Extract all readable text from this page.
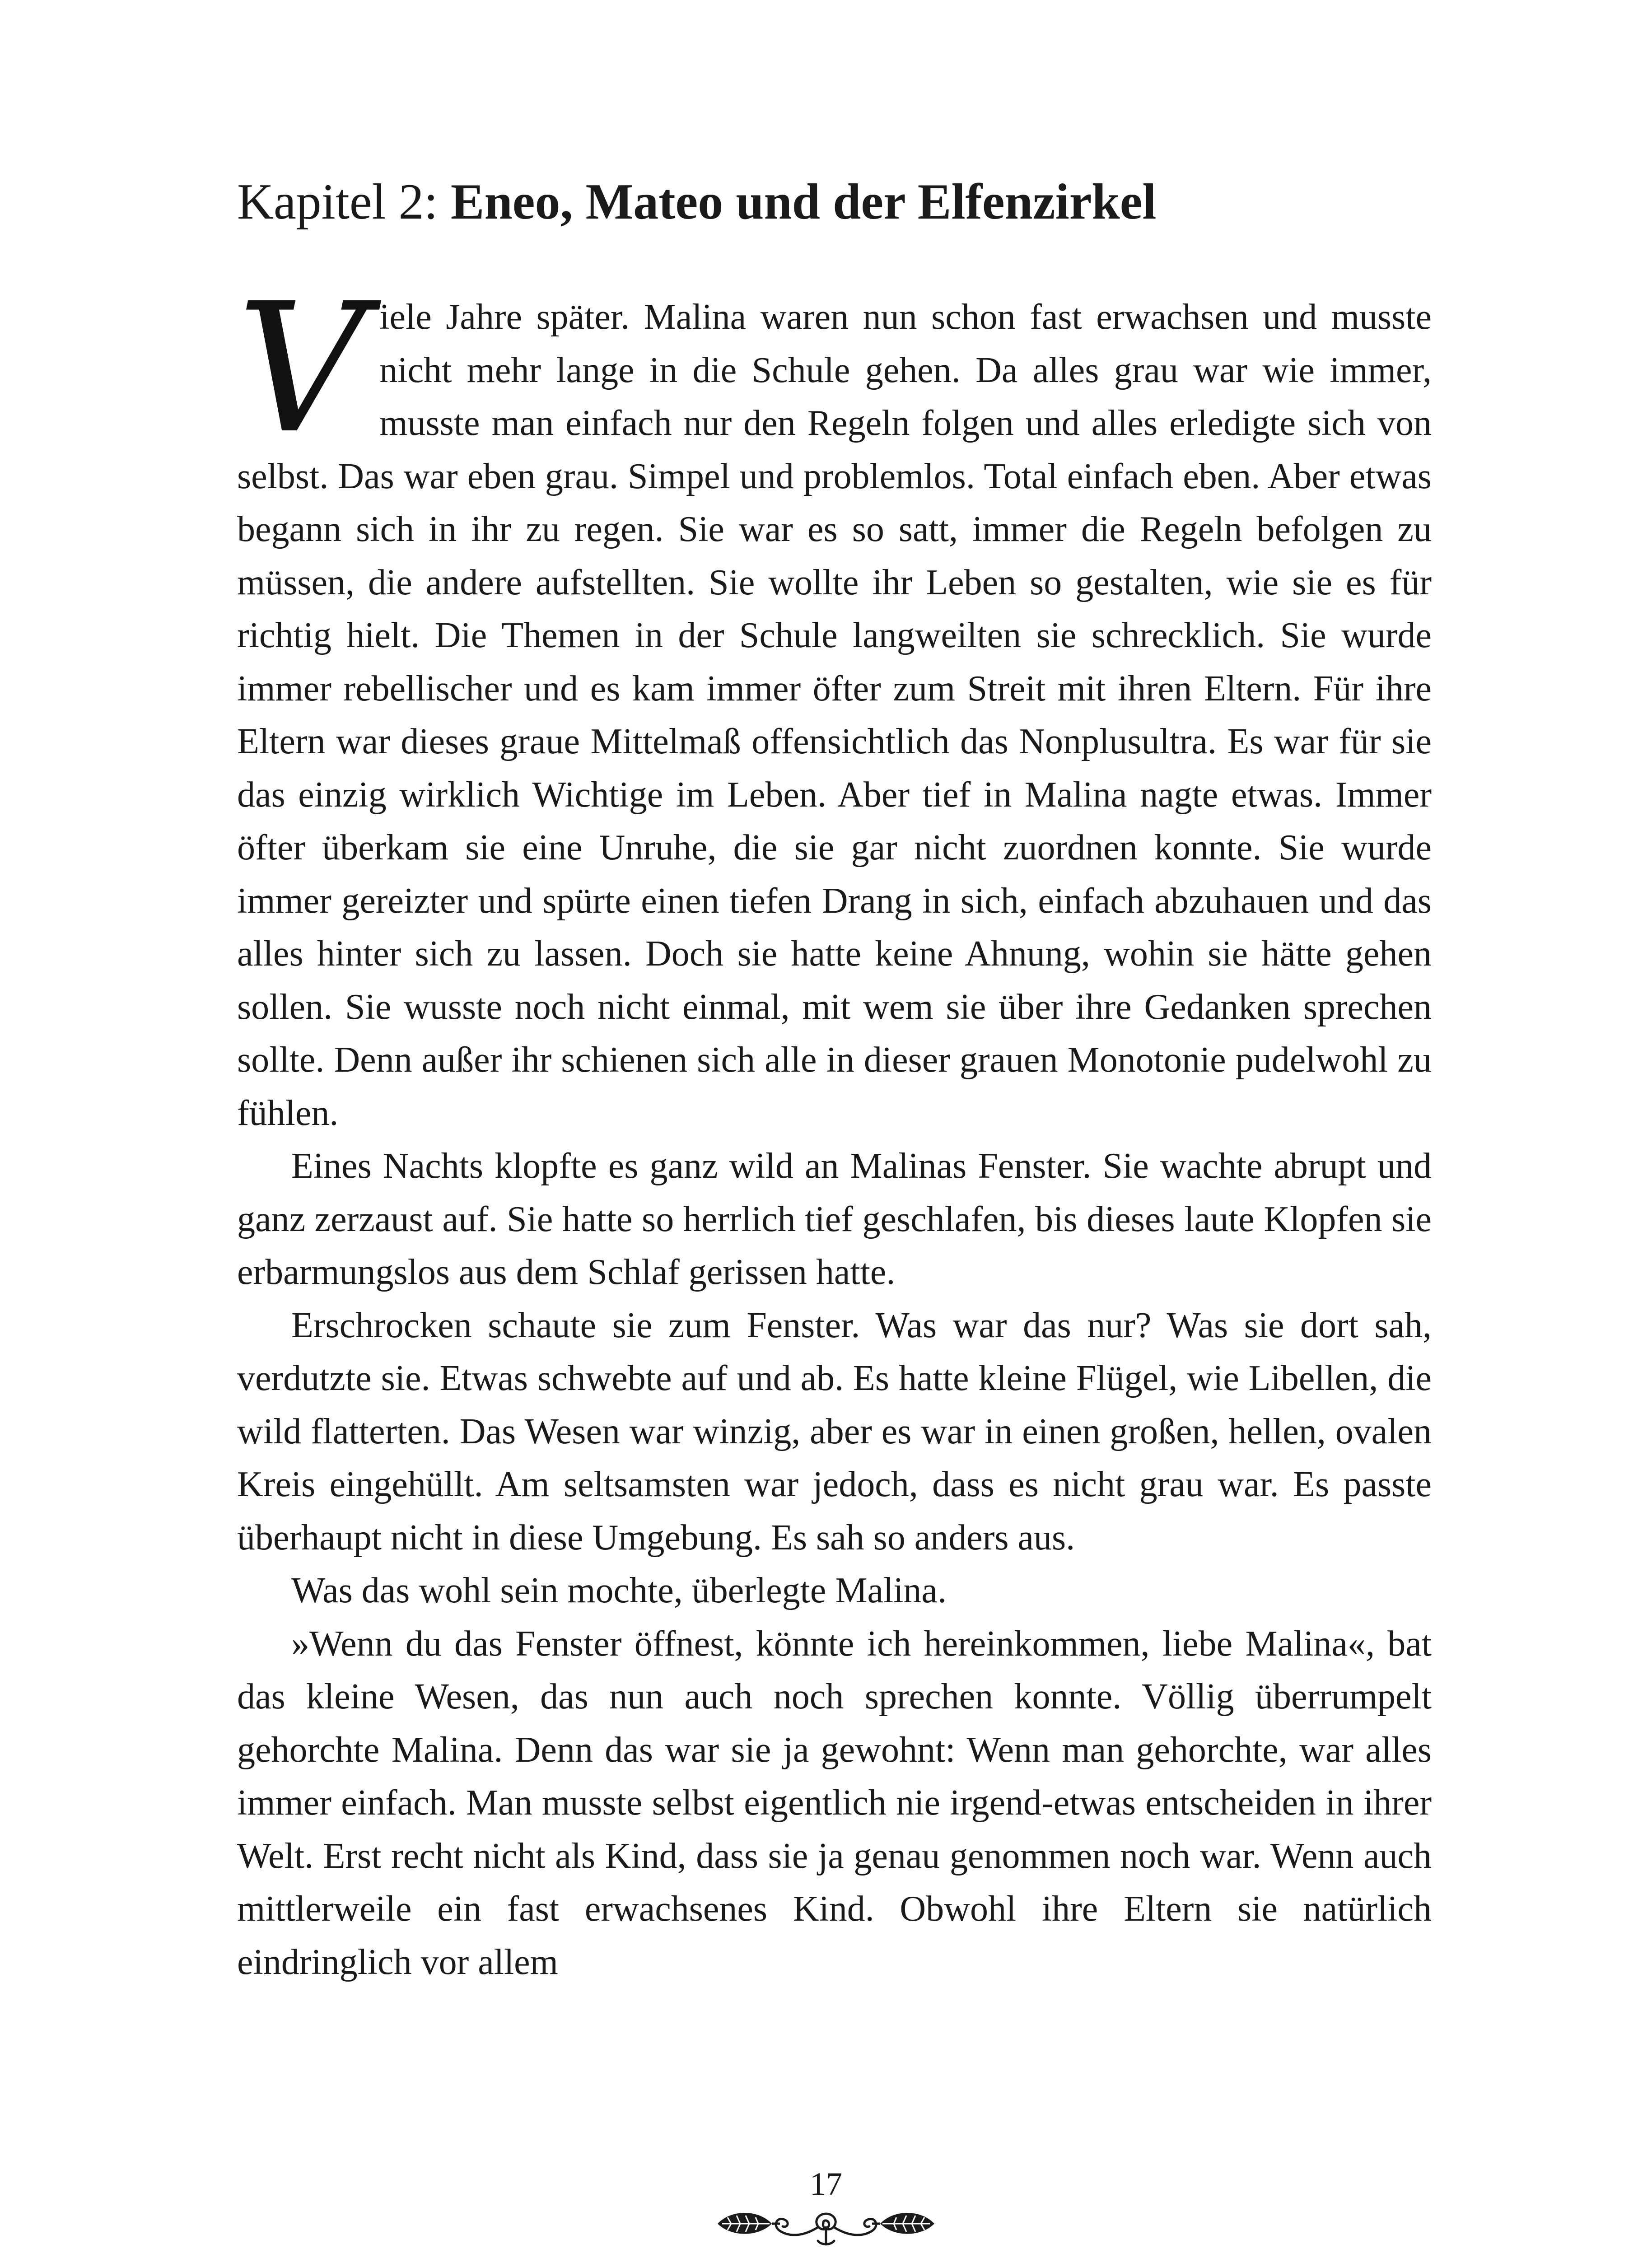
Kapitel 2: Eneo, Mateo und der Elfenzirkel

Viele Jahre später. Malina waren nun schon fast erwachsen und musste nicht mehr lange in die Schule gehen. Da alles grau war wie immer, musste man einfach nur den Regeln folgen und alles erledigte sich von selbst. Das war eben grau. Simpel und problemlos. Total einfach eben. Aber etwas begann sich in ihr zu regen. Sie war es so satt, immer die Regeln befolgen zu müssen, die andere aufstellten. Sie wollte ihr Leben so gestalten, wie sie es für richtig hielt. Die Themen in der Schule langweilten sie schrecklich. Sie wurde immer rebellischer und es kam immer öfter zum Streit mit ihren Eltern. Für ihre Eltern war dieses graue Mittelmaß offensichtlich das Nonplusultra. Es war für sie das einzig wirklich Wichtige im Leben. Aber tief in Malina nagte etwas. Immer öfter überkam sie eine Unruhe, die sie gar nicht zuordnen konnte. Sie wurde immer gereizter und spürte einen tiefen Drang in sich, einfach abzuhauen und das alles hinter sich zu lassen. Doch sie hatte keine Ahnung, wohin sie hätte gehen sollen. Sie wusste noch nicht einmal, mit wem sie über ihre Gedanken sprechen sollte. Denn außer ihr schienen sich alle in dieser grauen Monotonie pudelwohl zu fühlen.

Eines Nachts klopfte es ganz wild an Malinas Fenster. Sie wachte abrupt und ganz zerzaust auf. Sie hatte so herrlich tief geschlafen, bis dieses laute Klopfen sie erbarmungslos aus dem Schlaf gerissen hatte.

Erschrocken schaute sie zum Fenster. Was war das nur? Was sie dort sah, verdutzte sie. Etwas schwebte auf und ab. Es hatte kleine Flügel, wie Libellen, die wild flatterten. Das Wesen war winzig, aber es war in einen großen, hellen, ovalen Kreis eingehüllt. Am seltsamsten war jedoch, dass es nicht grau war. Es passte überhaupt nicht in diese Umgebung. Es sah so anders aus.

Was das wohl sein mochte, überlegte Malina.

»Wenn du das Fenster öffnest, könnte ich hereinkommen, liebe Malina«, bat das kleine Wesen, das nun auch noch sprechen konnte. Völlig überrumpelt gehorchte Malina. Denn das war sie ja gewohnt: Wenn man gehorchte, war alles immer einfach. Man musste selbst eigentlich nie irgend-etwas entscheiden in ihrer Welt. Erst recht nicht als Kind, dass sie ja genau genommen noch war. Wenn auch mittlerweile ein fast erwachsenes Kind. Obwohl ihre Eltern sie natürlich eindringlich vor allem

17
